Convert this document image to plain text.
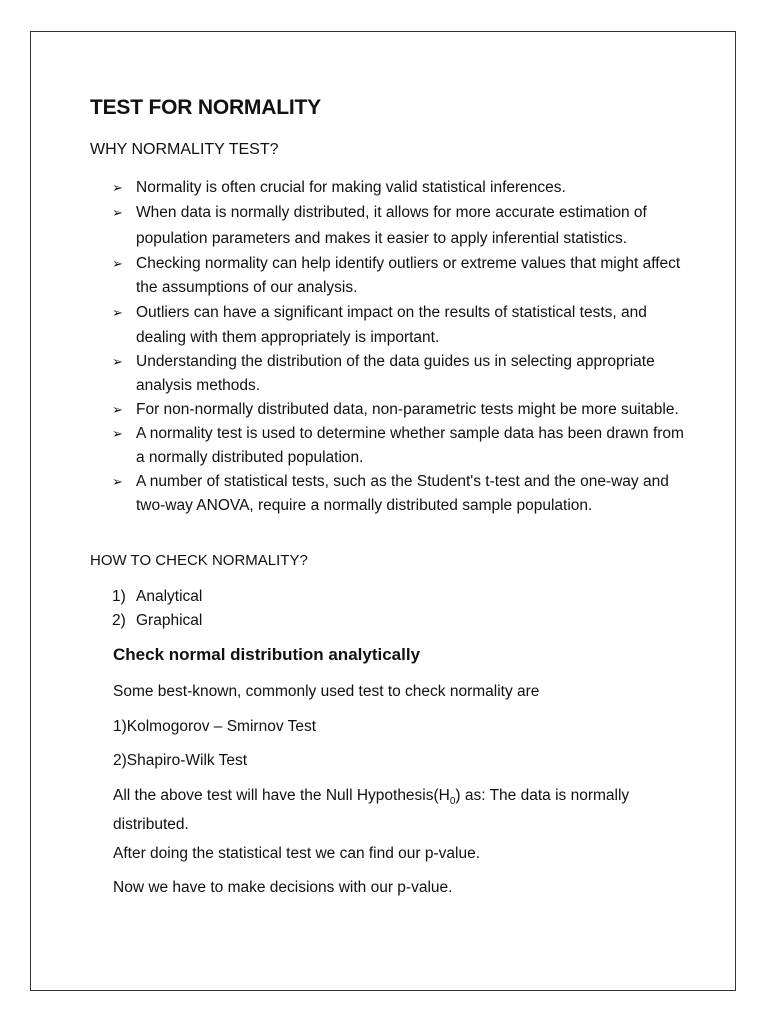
TEST FOR NORMALITY
WHY NORMALITY TEST?
➢ Normality is often crucial for making valid statistical inferences.
➢ When data is normally distributed, it allows for more accurate estimation of population parameters and makes it easier to apply inferential statistics.
➢ Checking normality can help identify outliers or extreme values that might affect the assumptions of our analysis.
➢ Outliers can have a significant impact on the results of statistical tests, and dealing with them appropriately is important.
➢ Understanding the distribution of the data guides us in selecting appropriate analysis methods.
➢ For non-normally distributed data, non-parametric tests might be more suitable.
➢ A normality test is used to determine whether sample data has been drawn from a normally distributed population.
➢ A number of statistical tests, such as the Student's t-test and the one-way and two-way ANOVA, require a normally distributed sample population.
HOW TO CHECK NORMALITY?
1) Analytical
2) Graphical
Check normal distribution analytically

Some best-known, commonly used test to check normality are

1)Kolmogorov – Smirnov Test

2)Shapiro-Wilk Test

All the above test will have the Null $Hypothesis(H_0)$ as: The data is normally distributed.

After doing the statistical test we can find our p-value.

Now we have to make decisions with our p-value.
